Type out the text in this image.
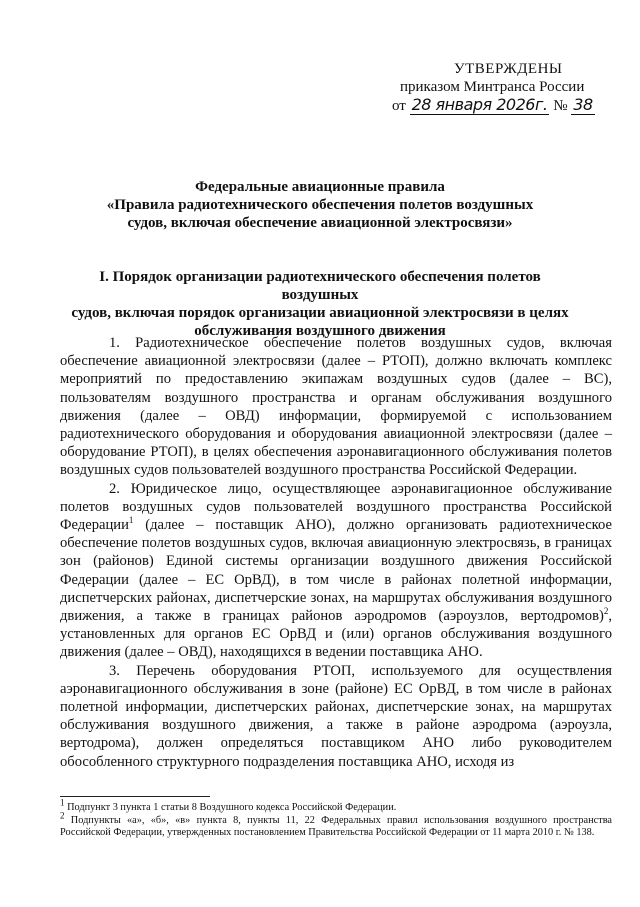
УТВЕРЖДЕНЫ
приказом Минтранса России
от 28 января 2026г. № 38
Федеральные авиационные правила
«Правила радиотехнического обеспечения полетов воздушных
судов, включая обеспечение авиационной электросвязи»
I. Порядок организации радиотехнического обеспечения полетов воздушных
судов, включая порядок организации авиационной электросвязи в целях
обслуживания воздушного движения

1. Радиотехническое обеспечение полетов воздушных судов, включая обеспечение авиационной электросвязи (далее – РТОП), должно включать комплекс мероприятий по предоставлению экипажам воздушных судов (далее – ВС), пользователям воздушного пространства и органам обслуживания воздушного движения (далее – ОВД) информации, формируемой с использованием радиотехнического оборудования и оборудования авиационной электросвязи (далее – оборудование РТОП), в целях обеспечения аэронавигационного обслуживания полетов воздушных судов пользователей воздушного пространства Российской Федерации.

2. Юридическое лицо, осуществляющее аэронавигационное обслуживание полетов воздушных судов пользователей воздушного пространства Российской Федерации$^1$ (далее – поставщик АНО), должно организовать радиотехническое обеспечение полетов воздушных судов, включая авиационную электросвязь, в границах зон (районов) Единой системы организации воздушного движения Российской Федерации (далее – ЕС ОрВД), в том числе в районах полетной информации, диспетчерских районах, диспетчерские зонах, на маршрутах обслуживания воздушного движения, а также в границах районов аэродромов (аэроузлов, вертодромов)$^2$, установленных для органов ЕС ОрВД и (или) органов обслуживания воздушного движения (далее – ОВД), находящихся в ведении поставщика АНО.

3. Перечень оборудования РТОП, используемого для осуществления аэронавигационного обслуживания в зоне (районе) ЕС ОрВД, в том числе в районах полетной информации, диспетчерских районах, диспетчерские зонах, на маршрутах обслуживания воздушного движения, а также в районе аэродрома (аэроузла, вертодрома), должен определяться поставщиком АНО либо руководителем обособленного структурного подразделения поставщика АНО, исходя из

$^1$ Подпункт 3 пункта 1 статьи 8 Воздушного кодекса Российской Федерации.

$^2$ Подпункты «а», «б», «в» пункта 8, пункты 11, 22 Федеральных правил использования воздушного пространства Российской Федерации, утвержденных постановлением Правительства Российской Федерации от 11 марта 2010 г. № 138.
